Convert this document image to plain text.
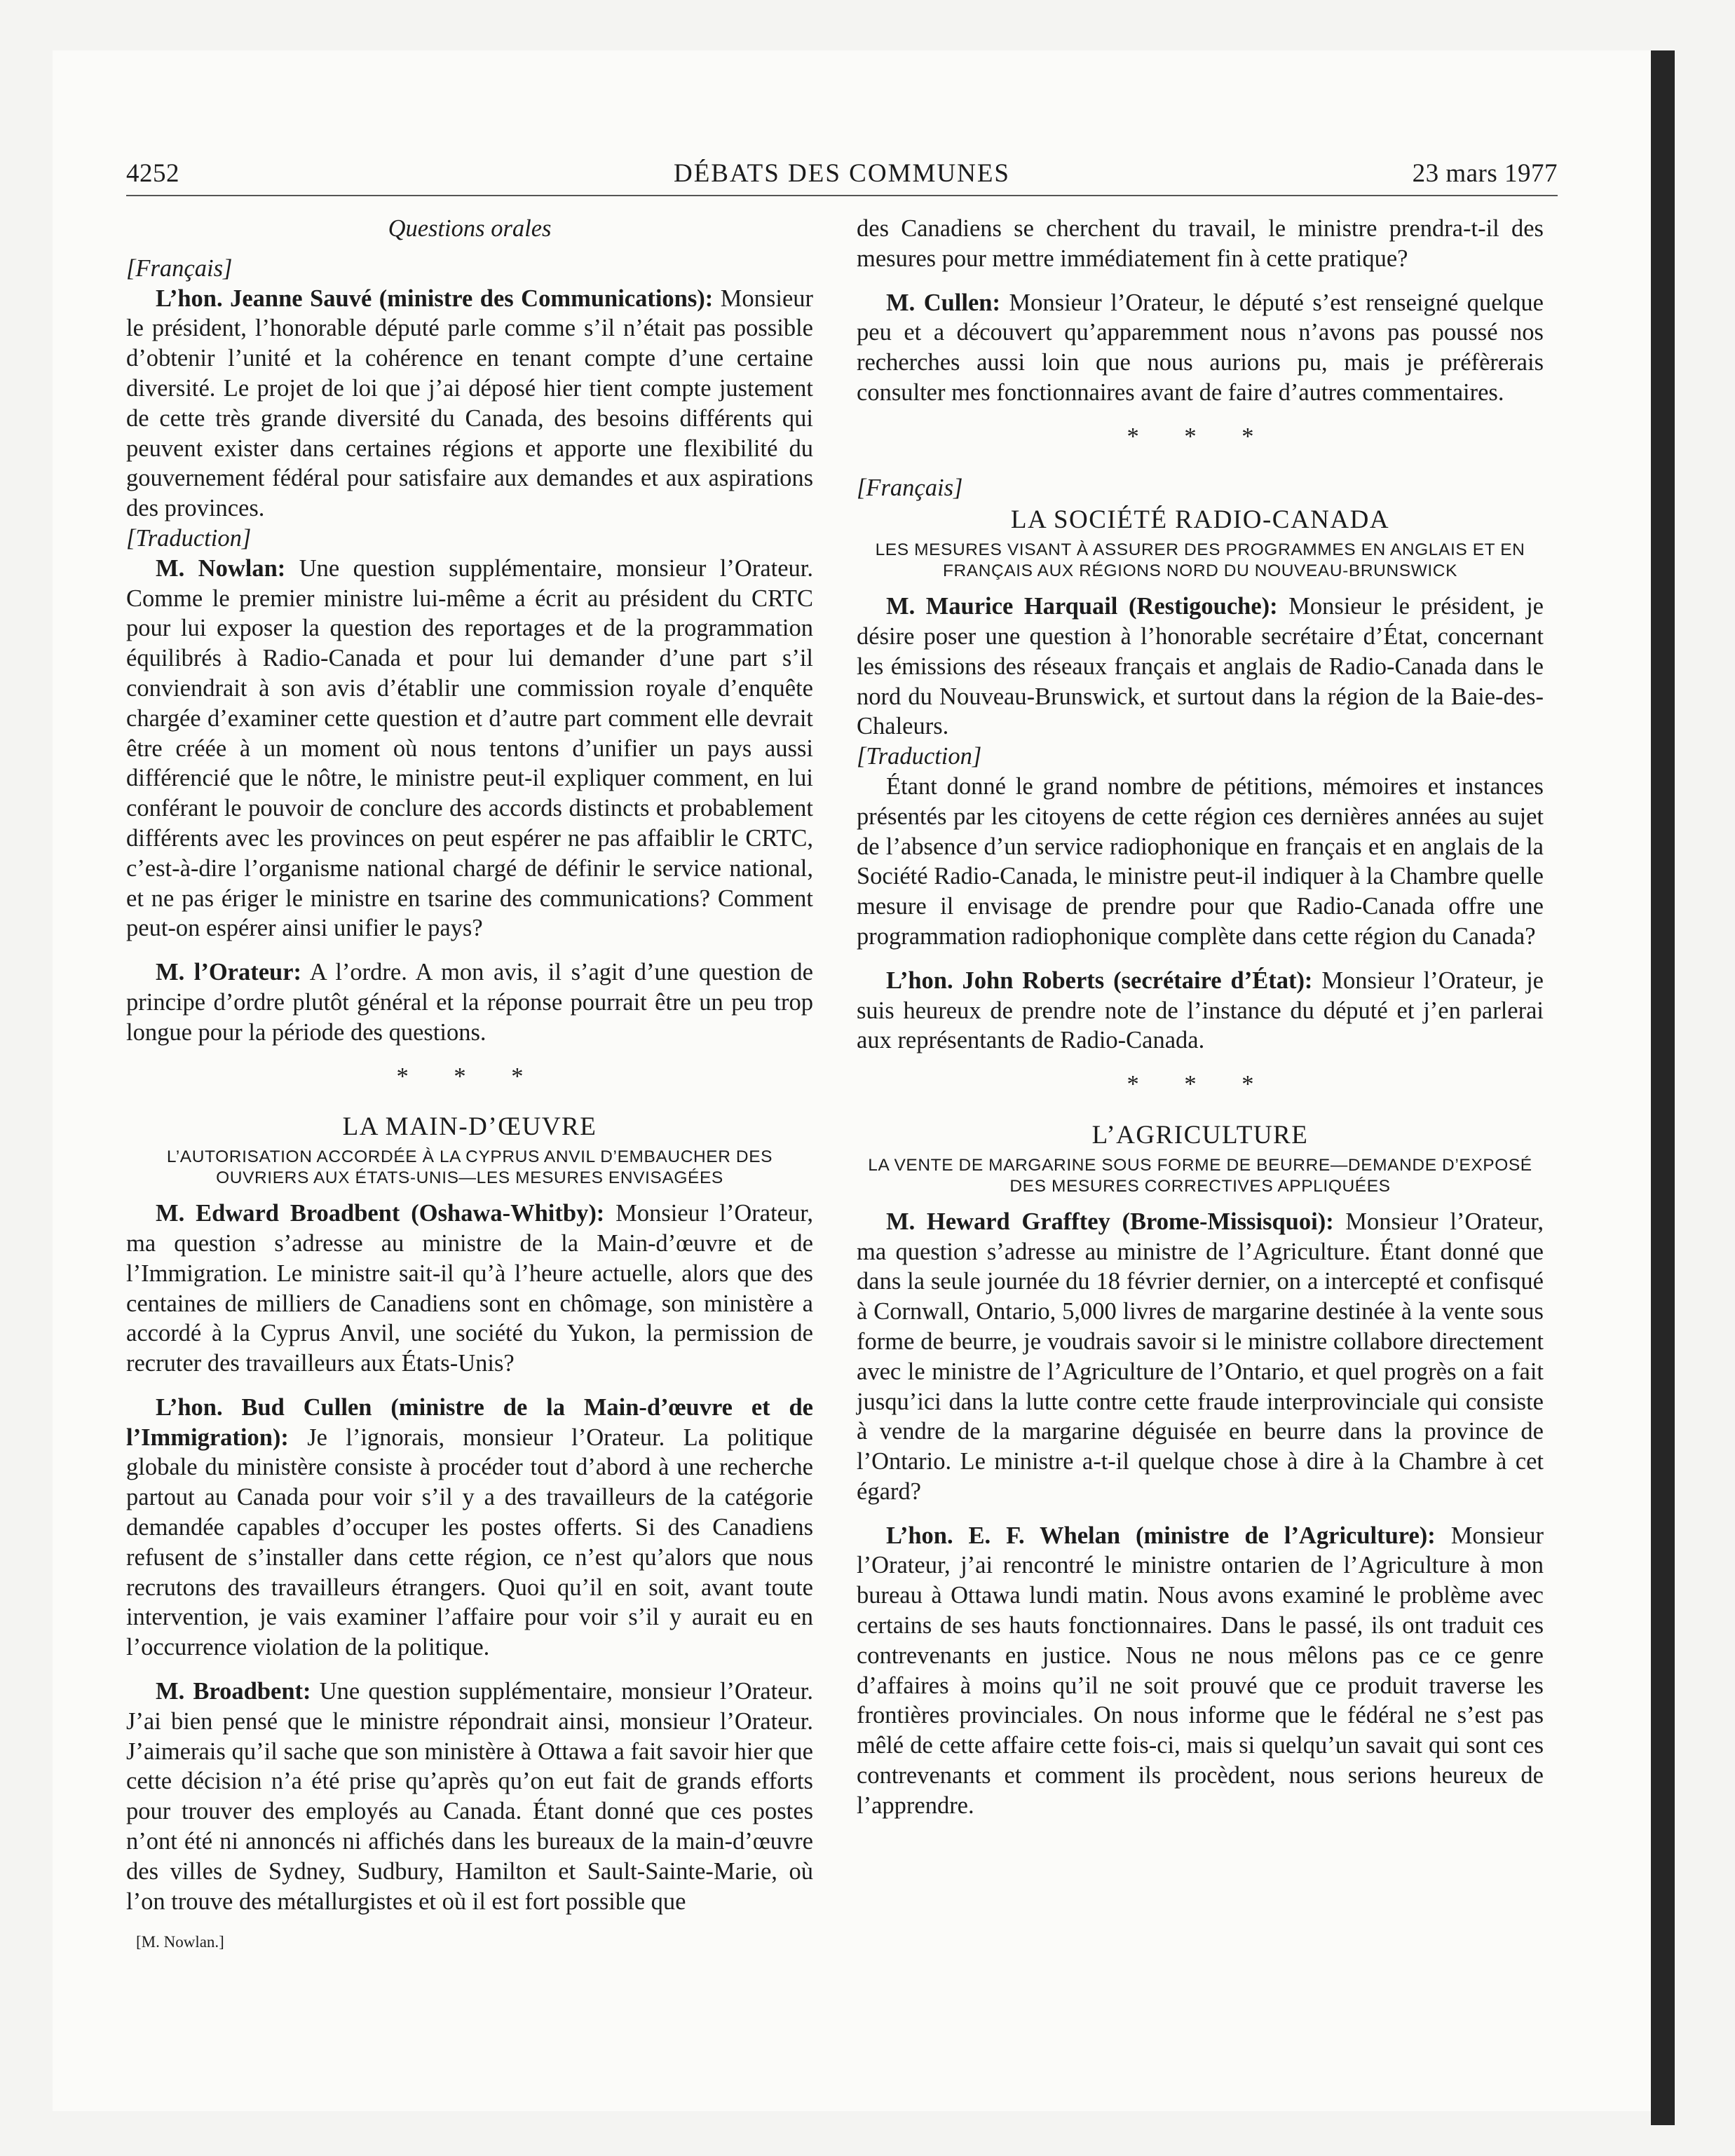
4252	DÉBATS DES COMMUNES	23 mars 1977

Questions orales

[Français]

L’hon. Jeanne Sauvé (ministre des Communications): Monsieur le président, l’honorable député parle comme s’il n’était pas possible d’obtenir l’unité et la cohérence en tenant compte d’une certaine diversité. Le projet de loi que j’ai déposé hier tient compte justement de cette très grande diversité du Canada, des besoins différents qui peuvent exister dans certaines régions et apporte une flexibilité du gouvernement fédéral pour satisfaire aux demandes et aux aspirations des provinces.

[Traduction]

M. Nowlan: Une question supplémentaire, monsieur l’Orateur. Comme le premier ministre lui-même a écrit au président du CRTC pour lui exposer la question des reportages et de la programmation équilibrés à Radio-Canada et pour lui demander d’une part s’il conviendrait à son avis d’établir une commission royale d’enquête chargée d’examiner cette question et d’autre part comment elle devrait être créée à un moment où nous tentons d’unifier un pays aussi différencié que le nôtre, le ministre peut-il expliquer comment, en lui conférant le pouvoir de conclure des accords distincts et probablement différents avec les provinces on peut espérer ne pas affaiblir le CRTC, c’est-à-dire l’organisme national chargé de définir le service national, et ne pas ériger le ministre en tsarine des communications? Comment peut-on espérer ainsi unifier le pays?

M. l’Orateur: A l’ordre. A mon avis, il s’agit d’une question de principe d’ordre plutôt général et la réponse pourrait être un peu trop longue pour la période des questions.

* * *

LA MAIN-D’ŒUVRE

L’AUTORISATION ACCORDÉE À LA CYPRUS ANVIL D’EMBAUCHER DES OUVRIERS AUX ÉTATS-UNIS—LES MESURES ENVISAGÉES

M. Edward Broadbent (Oshawa-Whitby): Monsieur l’Orateur, ma question s’adresse au ministre de la Main-d’œuvre et de l’Immigration. Le ministre sait-il qu’à l’heure actuelle, alors que des centaines de milliers de Canadiens sont en chômage, son ministère a accordé à la Cyprus Anvil, une société du Yukon, la permission de recruter des travailleurs aux États-Unis?

L’hon. Bud Cullen (ministre de la Main-d’œuvre et de l’Immigration): Je l’ignorais, monsieur l’Orateur. La politique globale du ministère consiste à procéder tout d’abord à une recherche partout au Canada pour voir s’il y a des travailleurs de la catégorie demandée capables d’occuper les postes offerts. Si des Canadiens refusent de s’installer dans cette région, ce n’est qu’alors que nous recrutons des travailleurs étrangers. Quoi qu’il en soit, avant toute intervention, je vais examiner l’affaire pour voir s’il y aurait eu en l’occurrence violation de la politique.

M. Broadbent: Une question supplémentaire, monsieur l’Orateur. J’ai bien pensé que le ministre répondrait ainsi, monsieur l’Orateur. J’aimerais qu’il sache que son ministère à Ottawa a fait savoir hier que cette décision n’a été prise qu’après qu’on eut fait de grands efforts pour trouver des employés au Canada. Étant donné que ces postes n’ont été ni annoncés ni affichés dans les bureaux de la main-d’œuvre des villes de Sydney, Sudbury, Hamilton et Sault-Sainte-Marie, où l’on trouve des métallurgistes et où il est fort possible que

[M. Nowlan.]

des Canadiens se cherchent du travail, le ministre prendra-t-il des mesures pour mettre immédiatement fin à cette pratique?

M. Cullen: Monsieur l’Orateur, le député s’est renseigné quelque peu et a découvert qu’apparemment nous n’avons pas poussé nos recherches aussi loin que nous aurions pu, mais je préfèrerais consulter mes fonctionnaires avant de faire d’autres commentaires.

* * *

[Français]

LA SOCIÉTÉ RADIO-CANADA

LES MESURES VISANT À ASSURER DES PROGRAMMES EN ANGLAIS ET EN FRANÇAIS AUX RÉGIONS NORD DU NOUVEAU-BRUNSWICK

M. Maurice Harquail (Restigouche): Monsieur le président, je désire poser une question à l’honorable secrétaire d’État, concernant les émissions des réseaux français et anglais de Radio-Canada dans le nord du Nouveau-Brunswick, et surtout dans la région de la Baie-des-Chaleurs.

[Traduction]

Étant donné le grand nombre de pétitions, mémoires et instances présentés par les citoyens de cette région ces dernières années au sujet de l’absence d’un service radiophonique en français et en anglais de la Société Radio-Canada, le ministre peut-il indiquer à la Chambre quelle mesure il envisage de prendre pour que Radio-Canada offre une programmation radiophonique complète dans cette région du Canada?

L’hon. John Roberts (secrétaire d’État): Monsieur l’Orateur, je suis heureux de prendre note de l’instance du député et j’en parlerai aux représentants de Radio-Canada.

* * *

L’AGRICULTURE

LA VENTE DE MARGARINE SOUS FORME DE BEURRE—DEMANDE D’EXPOSÉ DES MESURES CORRECTIVES APPLIQUÉES

M. Heward Grafftey (Brome-Missisquoi): Monsieur l’Orateur, ma question s’adresse au ministre de l’Agriculture. Étant donné que dans la seule journée du 18 février dernier, on a intercepté et confisqué à Cornwall, Ontario, 5,000 livres de margarine destinée à la vente sous forme de beurre, je voudrais savoir si le ministre collabore directement avec le ministre de l’Agriculture de l’Ontario, et quel progrès on a fait jusqu’ici dans la lutte contre cette fraude interprovinciale qui consiste à vendre de la margarine déguisée en beurre dans la province de l’Ontario. Le ministre a-t-il quelque chose à dire à la Chambre à cet égard?

L’hon. E. F. Whelan (ministre de l’Agriculture): Monsieur l’Orateur, j’ai rencontré le ministre ontarien de l’Agriculture à mon bureau à Ottawa lundi matin. Nous avons examiné le problème avec certains de ses hauts fonctionnaires. Dans le passé, ils ont traduit ces contrevenants en justice. Nous ne nous mêlons pas ce ce genre d’affaires à moins qu’il ne soit prouvé que ce produit traverse les frontières provinciales. On nous informe que le fédéral ne s’est pas mêlé de cette affaire cette fois-ci, mais si quelqu’un savait qui sont ces contrevenants et comment ils procèdent, nous serions heureux de l’apprendre.
